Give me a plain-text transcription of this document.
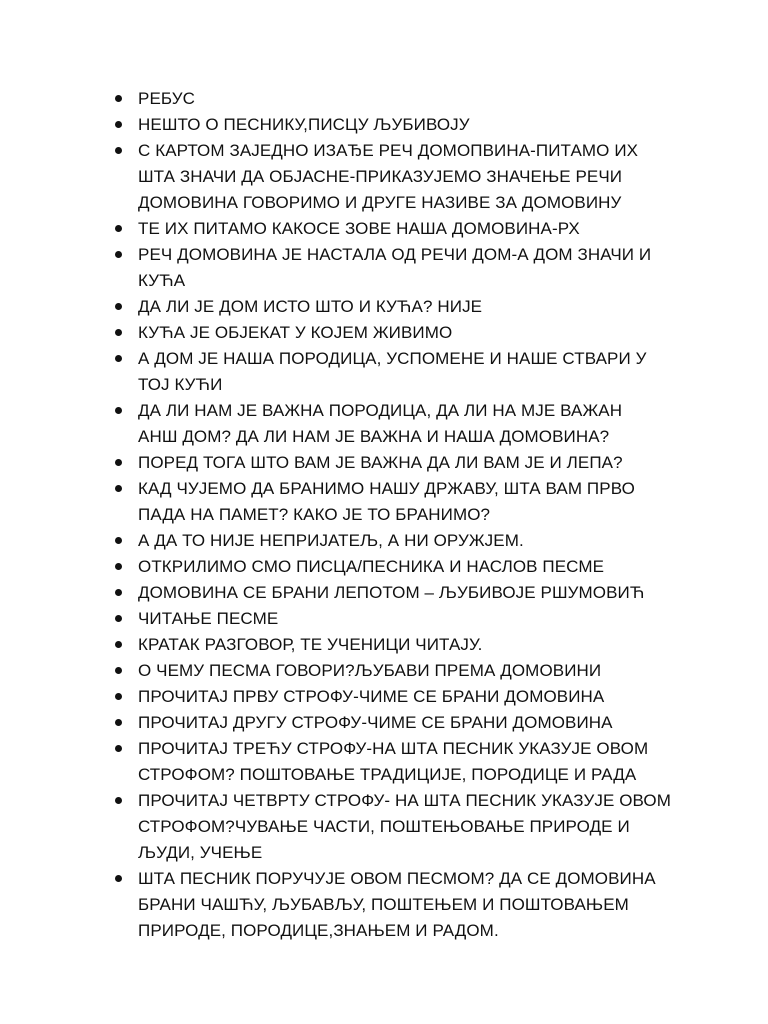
РЕБУС
НЕШТО О ПЕСНИКУ,ПИСЦУ ЉУБИВОЈУ
С КАРТОМ ЗАЈЕДНО ИЗАЂЕ РЕЧ ДОМОПВИНА-ПИТАМО ИХ
ШТА ЗНАЧИ ДА ОБЈАСНЕ-ПРИКАЗУЈЕМО ЗНАЧЕЊЕ РЕЧИ
ДОМОВИНА ГОВОРИМО И ДРУГЕ НАЗИВЕ ЗА ДОМОВИНУ
ТЕ ИХ ПИТАМО КАКОСЕ ЗОВЕ НАША ДОМОВИНА-РХ
РЕЧ ДОМОВИНА ЈЕ НАСТАЛА ОД РЕЧИ ДОМ-А ДОМ ЗНАЧИ И
КУЋА
ДА ЛИ ЈЕ ДОМ ИСТО ШТО И КУЋА? НИЈЕ
КУЋА ЈЕ ОБЈЕКАТ У КОЈЕМ ЖИВИМО
А ДОМ ЈЕ НАША ПОРОДИЦА, УСПОМЕНЕ И НАШЕ СТВАРИ У
ТОЈ КУЋИ
ДА ЛИ НАМ ЈЕ ВАЖНА ПОРОДИЦА, ДА ЛИ НА МЈЕ ВАЖАН
АНШ ДОМ? ДА ЛИ НАМ ЈЕ ВАЖНА И НАША ДОМОВИНА?
ПОРЕД ТОГА ШТО ВАМ ЈЕ ВАЖНА ДА ЛИ ВАМ ЈЕ И ЛЕПА?
КАД ЧУЈЕМО ДА БРАНИМО НАШУ ДРЖАВУ, ШТА ВАМ ПРВО
ПАДА НА ПАМЕТ? КАКО ЈЕ ТО БРАНИМО?
А ДА ТО НИЈЕ НЕПРИЈАТЕЉ, А НИ ОРУЖЈЕМ.
ОТКРИЛИМО СМО ПИСЦА/ПЕСНИКА И НАСЛОВ ПЕСМЕ
ДОМОВИНА СЕ БРАНИ ЛЕПОТОМ – ЉУБИВОЈЕ РШУМОВИЋ
ЧИТАЊЕ ПЕСМЕ
КРАТАК РАЗГОВОР, ТЕ УЧЕНИЦИ ЧИТАЈУ.
О ЧЕМУ ПЕСМА ГОВОРИ?ЉУБАВИ ПРЕМА ДОМОВИНИ
ПРОЧИТАЈ ПРВУ СТРОФУ-ЧИМЕ СЕ БРАНИ ДОМОВИНА
ПРОЧИТАЈ ДРУГУ СТРОФУ-ЧИМЕ СЕ БРАНИ ДОМОВИНА
ПРОЧИТАЈ ТРЕЋУ СТРОФУ-НА ШТА ПЕСНИК УКАЗУЈЕ ОВОМ
СТРОФОМ? ПОШТОВАЊЕ ТРАДИЦИЈЕ, ПОРОДИЦЕ И РАДА
ПРОЧИТАЈ ЧЕТВРТУ СТРОФУ- НА ШТА ПЕСНИК УКАЗУЈЕ ОВОМ
СТРОФОМ?ЧУВАЊЕ ЧАСТИ, ПОШТЕЊОВАЊЕ ПРИРОДЕ И
ЉУДИ, УЧЕЊЕ
ШТА ПЕСНИК ПОРУЧУЈЕ ОВОМ ПЕСМОМ? ДА СЕ ДОМОВИНА
БРАНИ ЧАШЋУ, ЉУБАВЉУ, ПОШТЕЊЕМ И ПОШТОВАЊЕМ
ПРИРОДЕ, ПОРОДИЦЕ,ЗНАЊЕМ И РАДОМ.
